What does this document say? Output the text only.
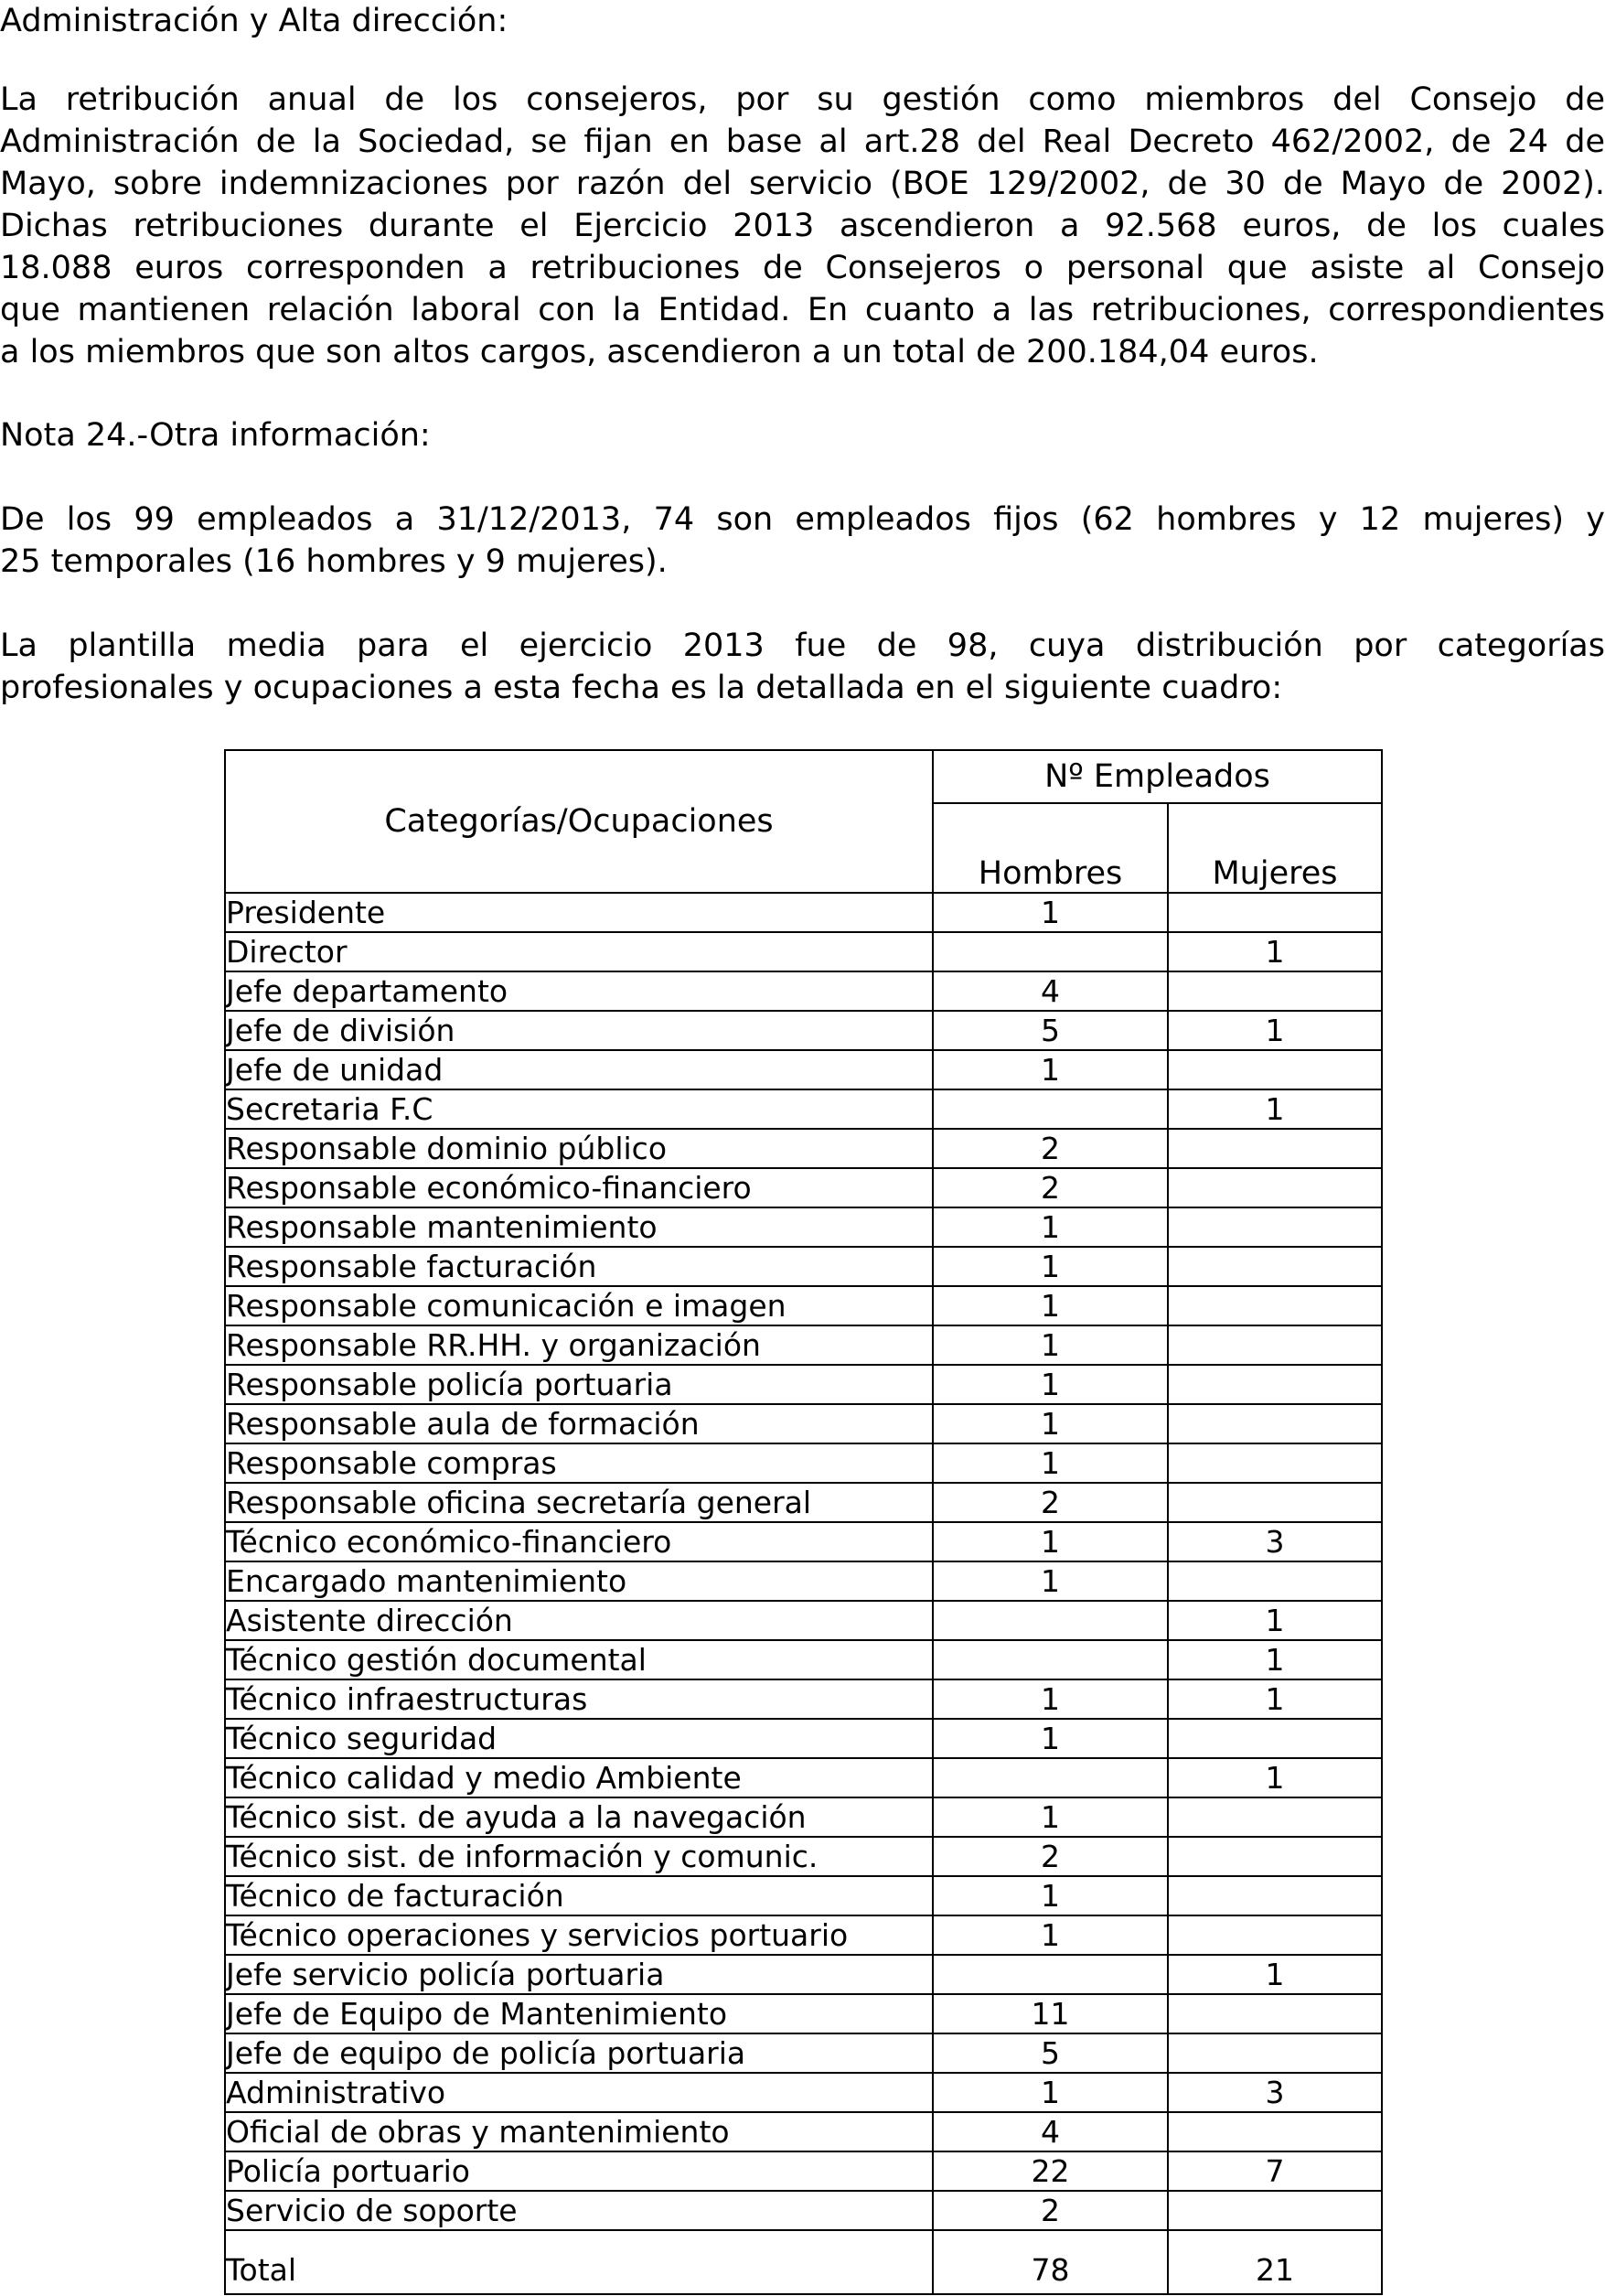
Administración y Alta dirección:
La retribución anual de los consejeros, por su gestión como miembros del Consejo de
Administración de la Sociedad, se fijan en base al art.28 del Real Decreto 462/2002, de 24 de
Mayo, sobre indemnizaciones por razón del servicio (BOE 129/2002, de 30 de Mayo de 2002).
Dichas retribuciones durante el Ejercicio 2013 ascendieron a 92.568 euros, de los cuales
18.088 euros corresponden a retribuciones de Consejeros o personal que asiste al Consejo
que mantienen relación laboral con la Entidad. En cuanto a las retribuciones, correspondientes
a los miembros que son altos cargos, ascendieron a un total de 200.184,04 euros.
Nota 24.-Otra información:
De los 99 empleados a 31/12/2013, 74 son empleados fijos (62 hombres y 12 mujeres) y
25 temporales (16 hombres y 9 mujeres).
La plantilla media para el ejercicio 2013 fue de 98, cuya distribución por categorías
profesionales y ocupaciones a esta fecha es la detallada en el siguiente cuadro:
Categorías/Ocupaciones	Nº Empleados	
	Hombres	Mujeres
Presidente	1	
Director		1
Jefe departamento	4	
Jefe de división	5	1
Jefe de unidad	1	
Secretaria F.C		1
Responsable dominio público	2	
Responsable económico-financiero	2	
Responsable mantenimiento	1	
Responsable facturación	1	
Responsable comunicación e imagen	1	
Responsable RR.HH. y organización	1	
Responsable policía portuaria	1	
Responsable aula de formación	1	
Responsable compras	1	
Responsable oficina secretaría general	2	
Técnico económico-financiero	1	3
Encargado mantenimiento	1	
Asistente dirección		1
Técnico gestión documental		1
Técnico infraestructuras	1	1
Técnico seguridad	1	
Técnico calidad y medio Ambiente		1
Técnico sist. de ayuda a la navegación	1	
Técnico sist. de información y comunic.	2	
Técnico de facturación	1	
Técnico operaciones y servicios portuario	1	
Jefe servicio policía portuaria		1
Jefe de Equipo de Mantenimiento	11	
Jefe de equipo de policía portuaria	5	
Administrativo	1	3
Oficial de obras y mantenimiento	4	
Policía portuario	22	7
Servicio de soporte	2	
Total	78	21
